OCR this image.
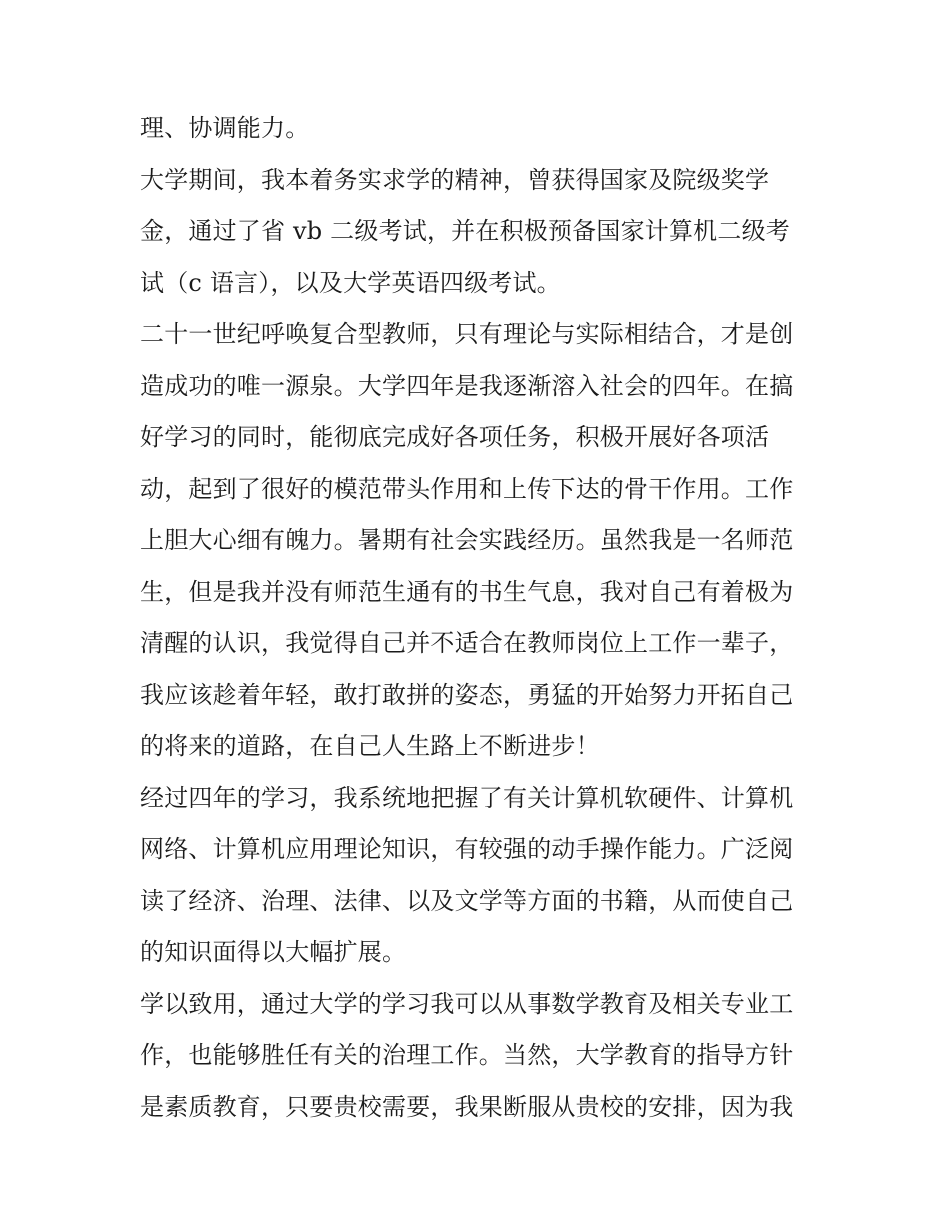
理、协调能力。
大学期间，我本着务实求学的精神，曾获得国家及院级奖学
金，通过了省 vb 二级考试，并在积极预备国家计算机二级考
试（c 语言），以及大学英语四级考试。
二十一世纪呼唤复合型教师，只有理论与实际相结合，才是创
造成功的唯一源泉。大学四年是我逐渐溶入社会的四年。在搞
好学习的同时，能彻底完成好各项任务，积极开展好各项活
动，起到了很好的模范带头作用和上传下达的骨干作用。工作
上胆大心细有魄力。暑期有社会实践经历。虽然我是一名师范
生，但是我并没有师范生通有的书生气息，我对自己有着极为
清醒的认识，我觉得自己并不适合在教师岗位上工作一辈子，
我应该趁着年轻，敢打敢拼的姿态，勇猛的开始努力开拓自己
的将来的道路，在自己人生路上不断进步！
经过四年的学习，我系统地把握了有关计算机软硬件、计算机
网络、计算机应用理论知识，有较强的动手操作能力。广泛阅
读了经济、治理、法律、以及文学等方面的书籍，从而使自己
的知识面得以大幅扩展。
学以致用，通过大学的学习我可以从事数学教育及相关专业工
作，也能够胜任有关的治理工作。当然，大学教育的指导方针
是素质教育，只要贵校需要，我果断服从贵校的安排，因为我
